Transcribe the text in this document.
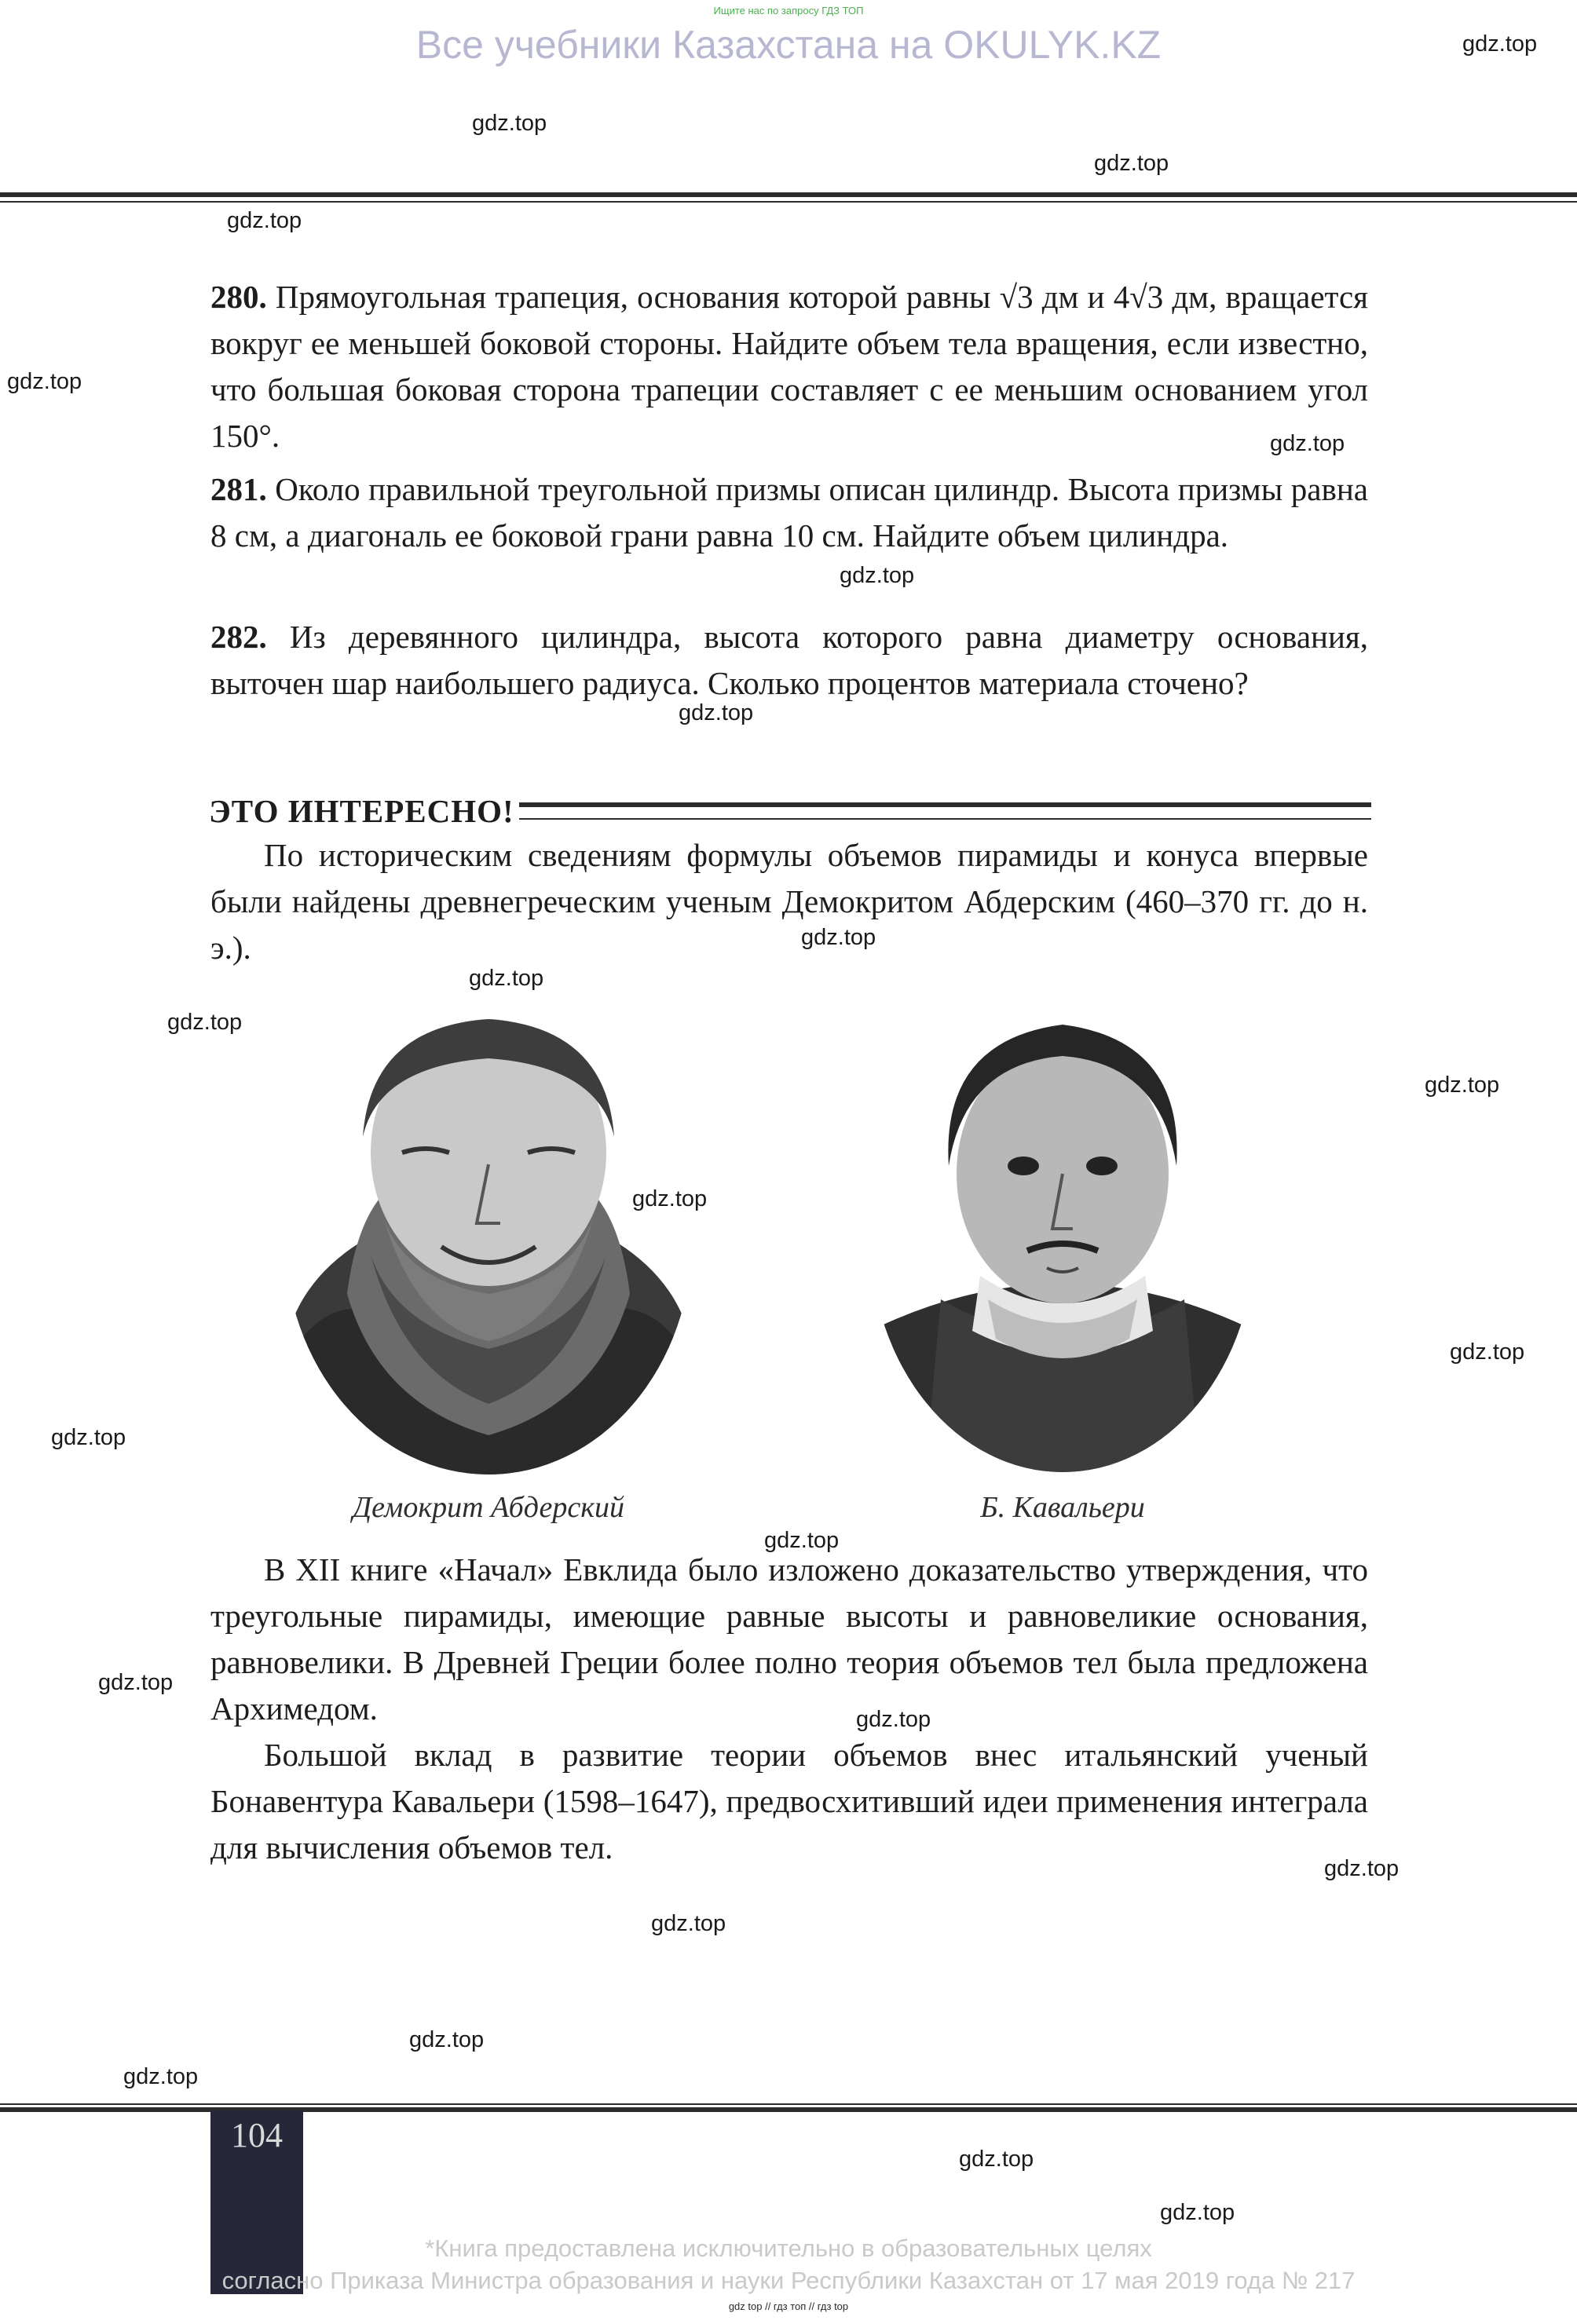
Ищите нас по запросу ГДЗ ТОП
Все учебники Казахстана на OKULYK.KZ
280. Прямоугольная трапеция, основания которой равны √3 дм и 4√3 дм, вращается вокруг ее меньшей боковой стороны. Найдите объем тела вращения, если известно, что большая боковая сторона трапеции составляет с ее меньшим основанием угол 150°.
281. Около правильной треугольной призмы описан цилиндр. Высота призмы равна 8 см, а диагональ ее боковой грани равна 10 см. Найдите объем цилиндра.
282. Из деревянного цилиндра, высота которого равна диаметру основания, выточен шар наибольшего радиуса. Сколько процентов материала сточено?
ЭТО ИНТЕРЕСНО!

По историческим сведениям формулы объемов пирамиды и конуса впервые были найдены древнегреческим ученым Демокритом Абдерским (460–370 гг. до н. э.).

Демокрит Абдерский	Б. Кавальери

В XII книге «Начал» Евклида было изложено доказательство утверждения, что треугольные пирамиды, имеющие равные высоты и равновеликие основания, равновелики. В Древней Греции более полно теория объемов тел была предложена Архимедом.

Большой вклад в развитие теории объемов внес итальянский ученый Бонавентура Кавальери (1598–1647), предвосхитивший идеи применения интеграла для вычисления объемов тел.

104
*Книга предоставлена исключительно в образовательных целях
согласно Приказа Министра образования и науки Республики Казахстан от 17 мая 2019 года № 217
gdz top // гдз топ // гдз top
gdz.top
gdz.top
gdz.top
gdz.top
gdz.top
gdz.top
gdz.top
gdz.top
gdz.top
gdz.top
gdz.top
gdz.top
gdz.top
gdz.top
gdz.top
gdz.top
gdz.top
gdz.top
gdz.top
gdz.top
gdz.top
gdz.top
gdz.top
gdz.top
